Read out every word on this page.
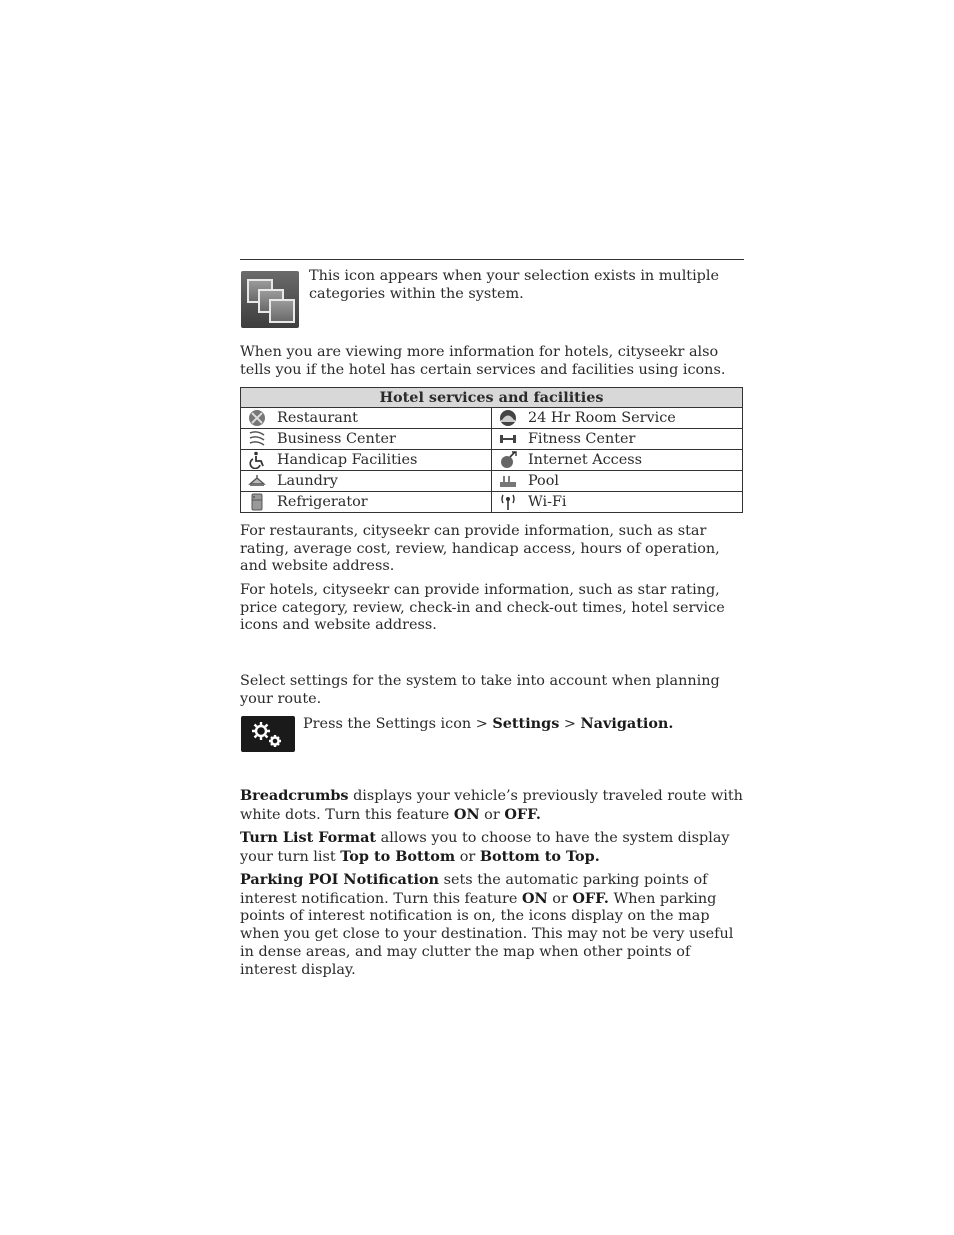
This icon appears when your selection exists in multiple categories within the system.

When you are viewing more information for hotels, cityseekr also tells you if the hotel has certain services and facilities using icons.

Hotel services and facilities	

Restaurant	24 Hr Room Service

Business Center	Fitness Center

Handicap Facilities	Internet Access

Laundry	Pool

Refrigerator	Wi-Fi

For restaurants, cityseekr can provide information, such as star rating, average cost, review, handicap access, hours of operation, and website address.

For hotels, cityseekr can provide information, such as star rating, price category, review, check-in and check-out times, hotel service icons and website address.

Select settings for the system to take into account when planning your route.

Press the Settings icon > Settings > Navigation.

Breadcrumbs displays your vehicle’s previously traveled route with white dots. Turn this feature ON or OFF.

Turn List Format allows you to choose to have the system display your turn list Top to Bottom or Bottom to Top.

Parking POI Notification sets the automatic parking points of interest notification. Turn this feature ON or OFF. When parking points of interest notification is on, the icons display on the map when you get close to your destination. This may not be very useful in dense areas, and may clutter the map when other points of interest display.
